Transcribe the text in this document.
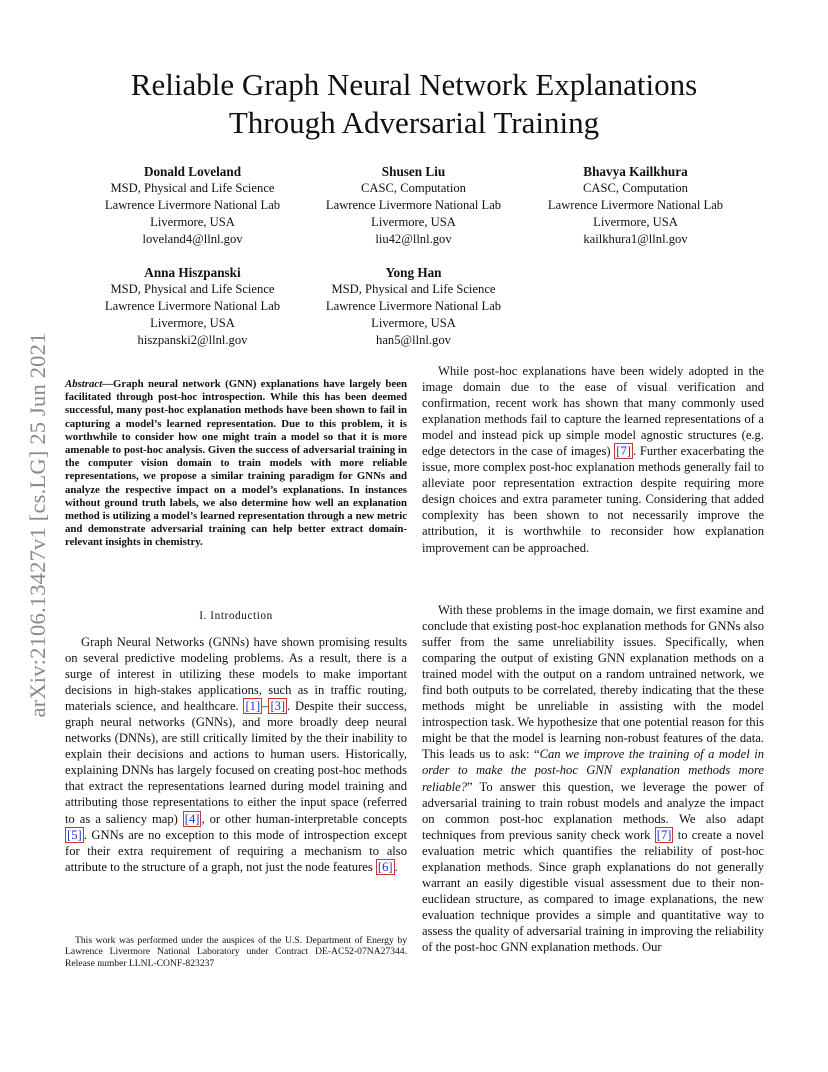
arXiv:2106.13427v1 [cs.LG] 25 Jun 2021
Reliable Graph Neural Network Explanations
Through Adversarial Training
Donald Loveland
MSD, Physical and Life Science
Lawrence Livermore National Lab
Livermore, USA
loveland4@llnl.gov
Shusen Liu
CASC, Computation
Lawrence Livermore National Lab
Livermore, USA
liu42@llnl.gov
Bhavya Kailkhura
CASC, Computation
Lawrence Livermore National Lab
Livermore, USA
kailkhura1@llnl.gov
Anna Hiszpanski
MSD, Physical and Life Science
Lawrence Livermore National Lab
Livermore, USA
hiszpanski2@llnl.gov
Yong Han
MSD, Physical and Life Science
Lawrence Livermore National Lab
Livermore, USA
han5@llnl.gov

Abstract—Graph neural network (GNN) explanations have largely been facilitated through post-hoc introspection. While this has been deemed successful, many post-hoc explanation methods have been shown to fail in capturing a model’s learned representation. Due to this problem, it is worthwhile to consider how one might train a model so that it is more amenable to post-hoc analysis. Given the success of adversarial training in the computer vision domain to train models with more reliable representations, we propose a similar training paradigm for GNNs and analyze the respective impact on a model’s explanations. In instances without ground truth labels, we also determine how well an explanation method is utilizing a model’s learned representation through a new metric and demonstrate adversarial training can help better extract domain-relevant insights in chemistry.

I. Introduction

Graph Neural Networks (GNNs) have shown promising results on several predictive modeling problems. As a result, there is a surge of interest in utilizing these models to make important decisions in high-stakes applications, such as in traffic routing, materials science, and healthcare. [1] – [3] . Despite their success, graph neural networks (GNNs), and more broadly deep neural networks (DNNs), are still critically limited by the their inability to explain their decisions and actions to human users. Historically, explaining DNNs has largely focused on creating post-hoc methods that extract the representations learned during model training and attributing those representations to either the input space (referred to as a saliency map) [4] , or other human-interpretable concepts [5] . GNNs are no exception to this mode of introspection except for their extra requirement of requiring a mechanism to also attribute to the structure of a graph, not just the node features [6] .

This work was performed under the auspices of the U.S. Department of Energy by Lawrence Livermore National Laboratory under Contract DE-AC52-07NA27344. Release number LLNL-CONF-823237

While post-hoc explanations have been widely adopted in the image domain due to the ease of visual verification and confirmation, recent work has shown that many commonly used explanation methods fail to capture the learned representations of a model and instead pick up simple model agnostic structures (e.g. edge detectors in the case of images) [7] . Further exacerbating the issue, more complex post-hoc explanation methods generally fail to alleviate poor representation extraction despite requiring more design choices and extra parameter tuning. Considering that added complexity has been shown to not necessarily improve the attribution, it is worthwhile to reconsider how explanation improvement can be approached.

With these problems in the image domain, we first examine and conclude that existing post-hoc explanation methods for GNNs also suffer from the same unreliability issues. Specifically, when comparing the output of existing GNN explanation methods on a trained model with the output on a random untrained network, we find both outputs to be correlated, thereby indicating that the these methods might be unreliable in assisting with the model introspection task. We hypothesize that one potential reason for this might be that the model is learning non-robust features of the data. This leads us to ask: “Can we improve the training of a model in order to make the post-hoc GNN explanation methods more reliable?” To answer this question, we leverage the power of adversarial training to train robust models and analyze the impact on common post-hoc explanation methods. We also adapt techniques from previous sanity check work [7] to create a novel evaluation metric which quantifies the reliability of post-hoc explanation methods. Since graph explanations do not generally warrant an easily digestible visual assessment due to their non-euclidean structure, as compared to image explanations, the new evaluation technique provides a simple and quantitative way to assess the quality of adversarial training in improving the reliability of the post-hoc GNN explanation methods. Our
